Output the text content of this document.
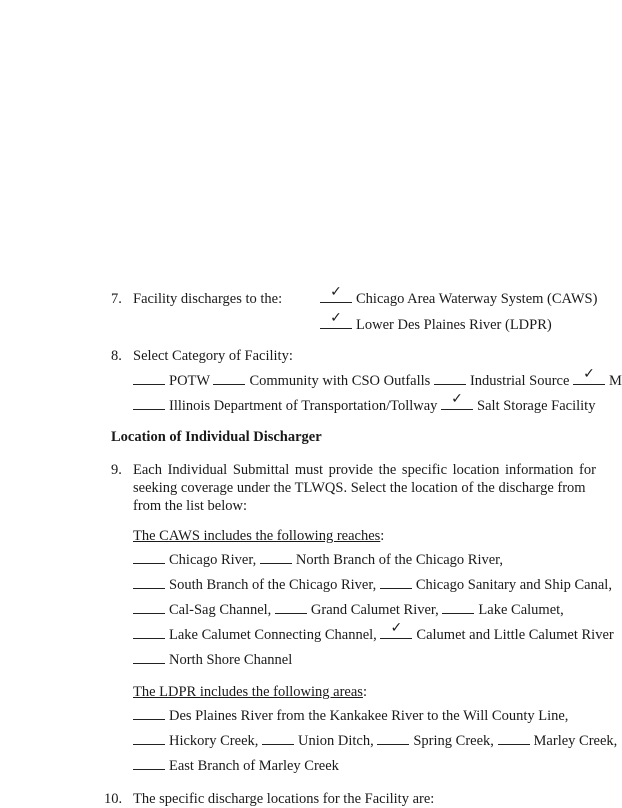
7. Facility discharges to the:	✓ Chicago Area Waterway System (CAWS)
✓ Lower Des Plaines River (LDPR)
8. Select Category of Facility:
POTW	Community with CSO Outfalls	Industrial Source ✓ M
Illinois Department of Transportation/Tollway ✓ Salt Storage Facility
Location of Individual Discharger
9. Each Individual Submittal must provide the specific location information for
seeking coverage under the TLWQS. Select the location of the discharge from
from the list below:
The CAWS includes the following reaches:
Chicago River,	North Branch of the Chicago River,
South Branch of the Chicago River,	Chicago Sanitary and Ship Canal,
Cal-Sag Channel,	Grand Calumet River,	Lake Calumet,
Lake Calumet Connecting Channel, ✓ Calumet and Little Calumet River
North Shore Channel
The LDPR includes the following areas:
Des Plaines River from the Kankakee River to the Will County Line,
Hickory Creek,	Union Ditch,	Spring Creek,	Marley Creek,
East Branch of Marley Creek
10. The specific discharge locations for the Facility are:
